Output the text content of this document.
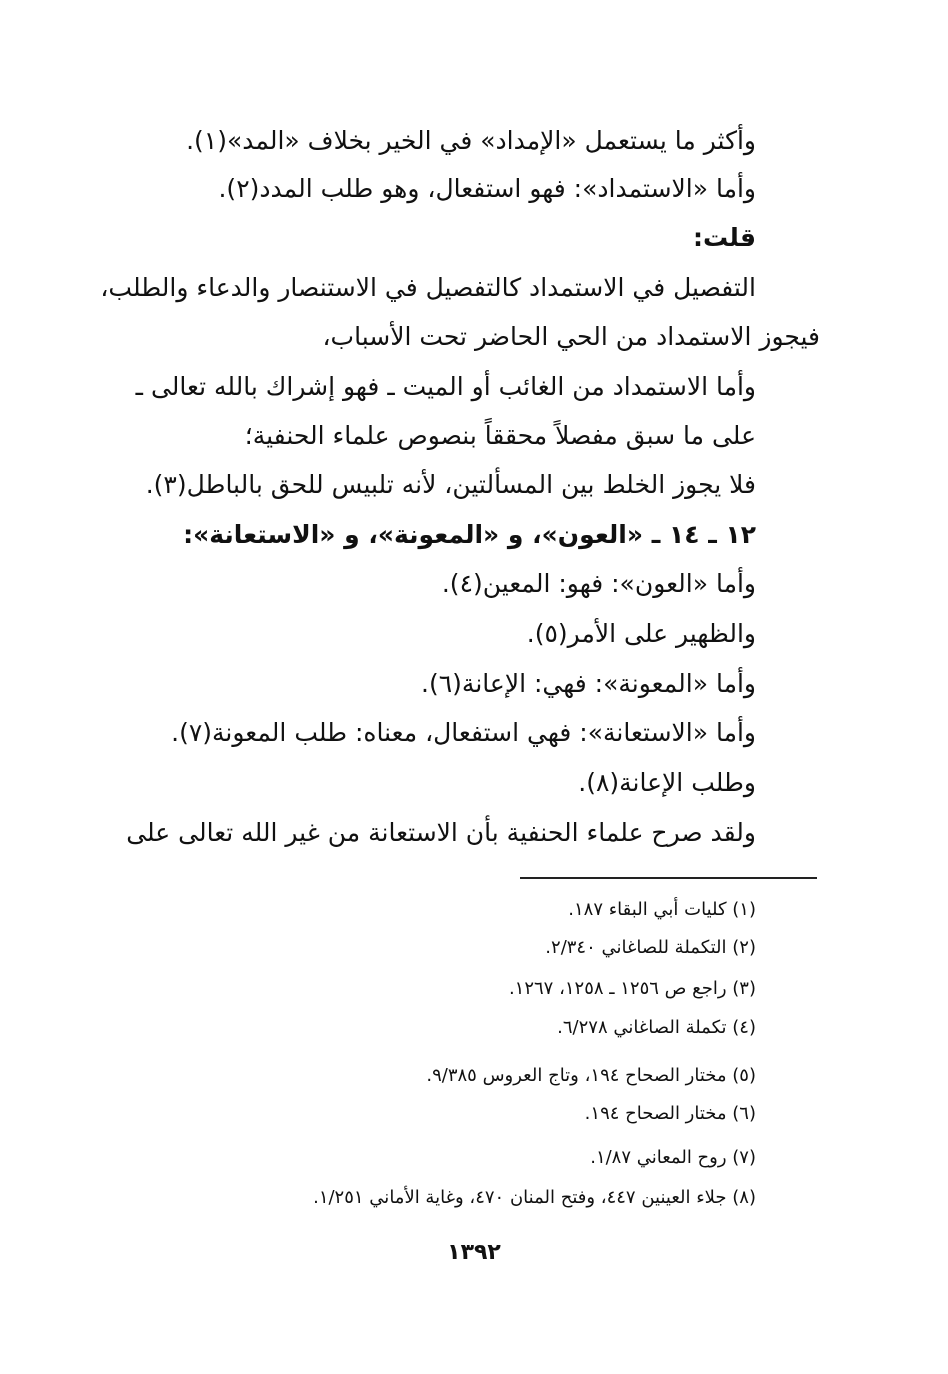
وأكثر ما يستعمل «الإمداد» في الخير بخلاف «المد»(١).
وأما «الاستمداد»: فهو استفعال، وهو طلب المدد(٢).
قلت:
التفصيل في الاستمداد كالتفصيل في الاستنصار والدعاء والطلب،
فيجوز الاستمداد من الحي الحاضر تحت الأسباب،
وأما الاستمداد من الغائب أو الميت ـ فهو إشراك بالله تعالى ـ
على ما سبق مفصلاً محققاً بنصوص علماء الحنفية؛
فلا يجوز الخلط بين المسألتين، لأنه تلبيس للحق بالباطل(٣).
١٢ ـ ١٤ ـ «العون»، و «المعونة»، و «الاستعانة»:
وأما «العون»: فهو: المعين(٤).
والظهير على الأمر(٥).
وأما «المعونة»: فهي: الإعانة(٦).
وأما «الاستعانة»: فهي استفعال، معناه: طلب المعونة(٧).
وطلب الإعانة(٨).
ولقد صرح علماء الحنفية بأن الاستعانة من غير الله تعالى على
(١) كليات أبي البقاء ١٨٧.
(٢) التكملة للصاغاني ٢/٣٤٠.
(٣) راجع ص ١٢٥٦ ـ ١٢٥٨، ١٢٦٧.
(٤) تكملة الصاغاني ٦/٢٧٨.
(٥) مختار الصحاح ١٩٤، وتاج العروس ٩/٣٨٥.
(٦) مختار الصحاح ١٩٤.
(٧) روح المعاني ١/٨٧.
(٨) جلاء العينين ٤٤٧، وفتح المنان ٤٧٠، وغاية الأماني ١/٢٥١.
١٣٩٢
